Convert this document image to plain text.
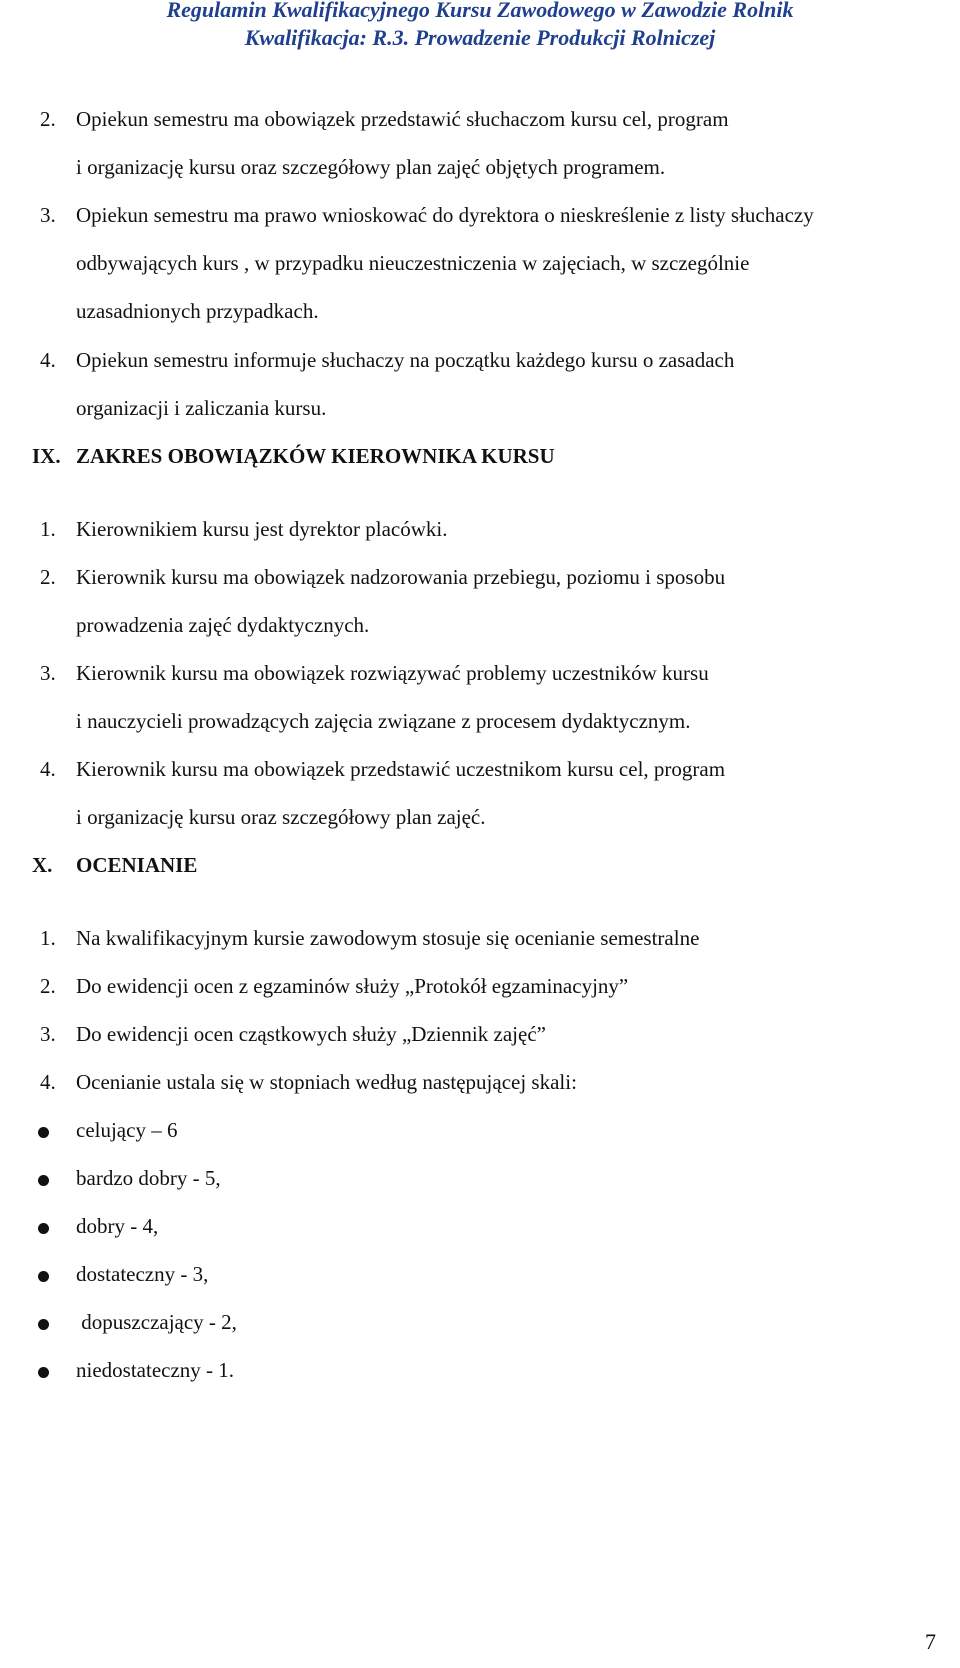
Regulamin Kwalifikacyjnego Kursu Zawodowego w Zawodzie Rolnik
Kwalifikacja: R.3. Prowadzenie Produkcji Rolniczej
2. Opiekun semestru ma obowiązek przedstawić słuchaczom kursu cel, program
i organizację kursu oraz szczegółowy plan zajęć objętych programem.
3. Opiekun semestru ma prawo wnioskować do dyrektora o nieskreślenie z listy słuchaczy
odbywających kurs , w przypadku nieuczestniczenia w zajęciach, w szczególnie
uzasadnionych przypadkach.
4. Opiekun semestru informuje słuchaczy na początku każdego kursu o zasadach
organizacji i zaliczania kursu.
IX. ZAKRES OBOWIĄZKÓW KIEROWNIKA KURSU
1. Kierownikiem kursu jest dyrektor placówki.
2. Kierownik kursu ma obowiązek nadzorowania przebiegu, poziomu i sposobu
prowadzenia zajęć dydaktycznych.
3. Kierownik kursu ma obowiązek rozwiązywać problemy uczestników kursu
i nauczycieli prowadzących zajęcia związane z procesem dydaktycznym.
4. Kierownik kursu ma obowiązek przedstawić uczestnikom kursu cel, program
i organizację kursu oraz szczegółowy plan zajęć.
X. OCENIANIE
1. Na kwalifikacyjnym kursie zawodowym stosuje się ocenianie semestralne
2. Do ewidencji ocen z egzaminów służy „Protokół egzaminacyjny”
3. Do ewidencji ocen cząstkowych służy „Dziennik zajęć”
4. Ocenianie ustala się w stopniach według następującej skali:
celujący – 6
bardzo dobry - 5,
dobry - 4,
dostateczny - 3,
dopuszczający - 2,
niedostateczny - 1.
7
